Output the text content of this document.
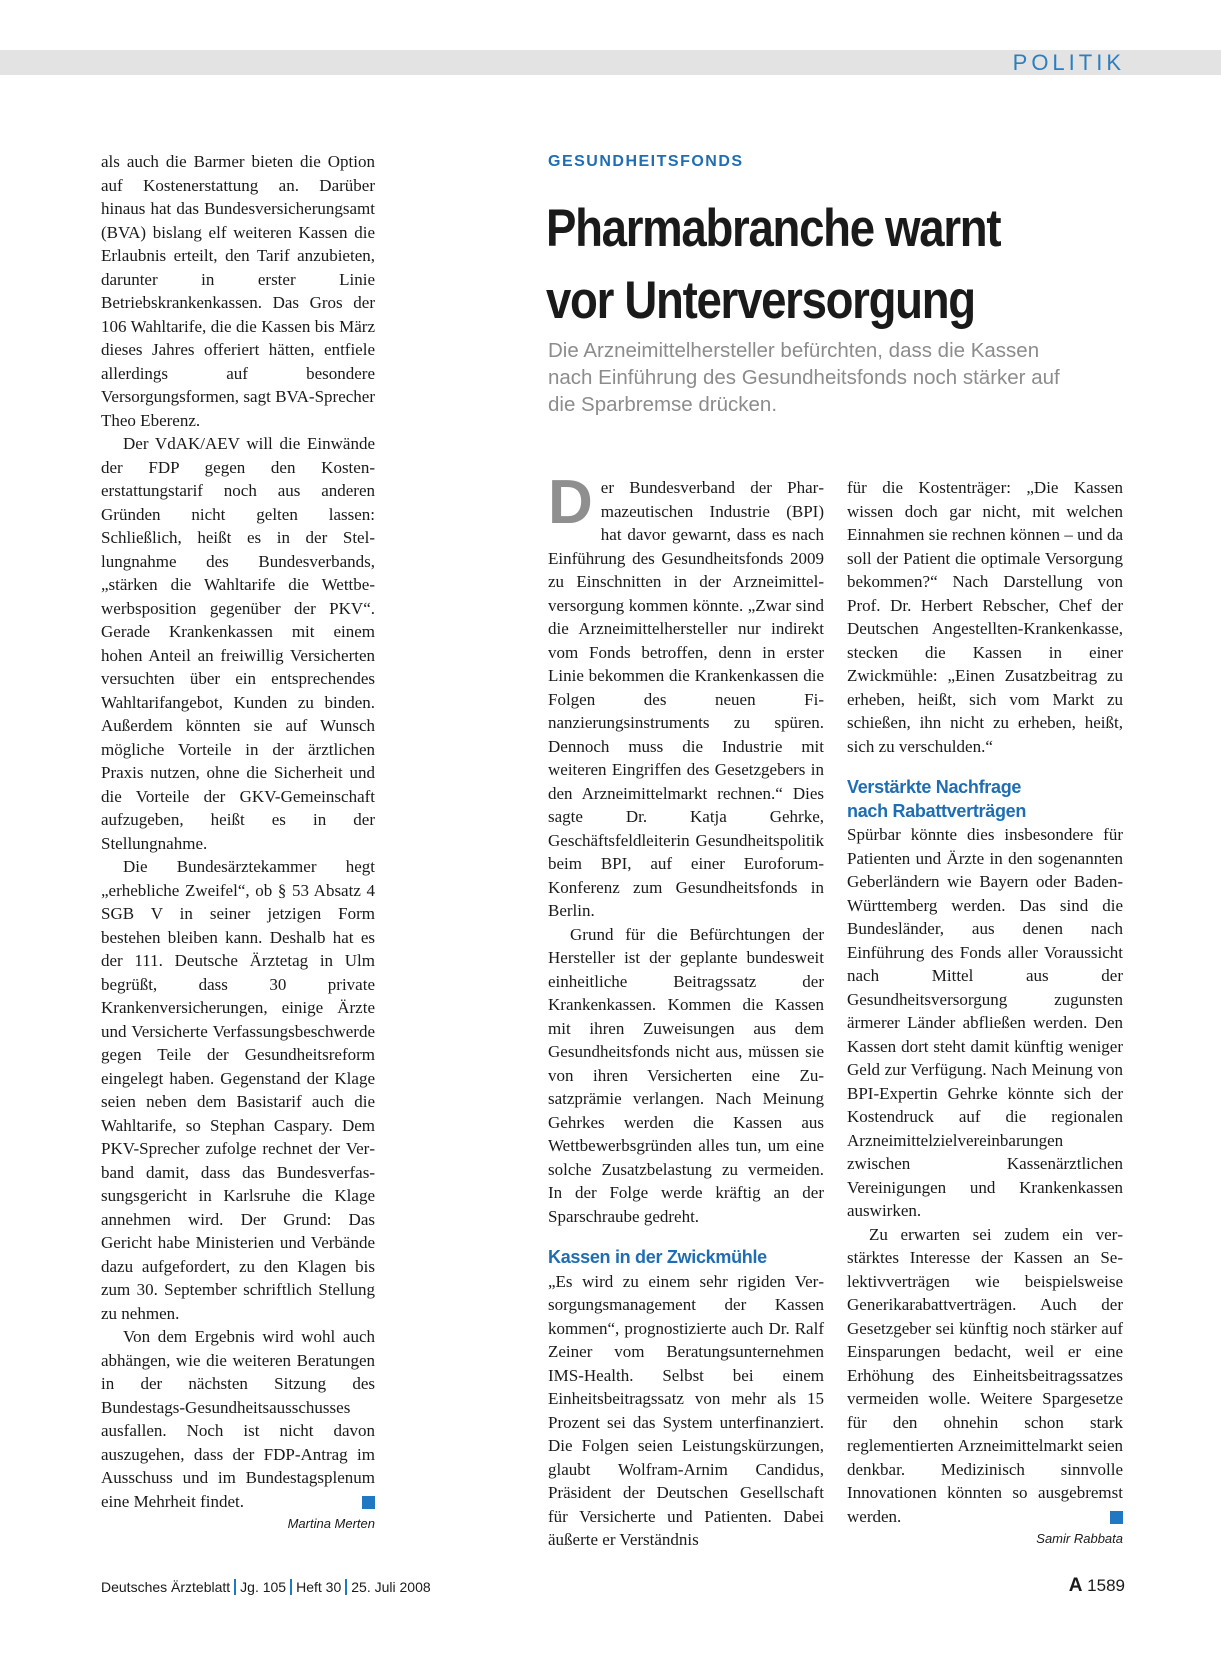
POLITIK

als auch die Barmer bieten die Option auf Kostenerstattung an. Darüber hinaus hat das Bundesversicherungsamt (BVA) bislang elf weiteren Kassen die Erlaubnis erteilt, den Tarif anzubieten, darunter in erster Linie Betriebskrankenkassen. Das Gros der 106 Wahltarife, die die Kassen bis März dieses Jahres offeriert hätten, entfiele allerdings auf besondere Versorgungsformen, sagt BVA-Sprecher Theo Eberenz.

Der VdAK/AEV will die Einwände der FDP gegen den Kostenerstattungstarif noch aus anderen Gründen nicht gelten lassen: Schließlich, heißt es in der Stellungnahme des Bundesverbands, „stärken die Wahltarife die Wettbewerbsposition gegenüber der PKV“. Gerade Krankenkassen mit einem hohen Anteil an freiwillig Versicherten versuchten über ein entsprechendes Wahltarifangebot, Kunden zu binden. Außerdem könnten sie auf Wunsch mögliche Vorteile in der ärztlichen Praxis nutzen, ohne die Sicherheit und die Vorteile der GKV-Gemeinschaft aufzugeben, heißt es in der Stellungnahme.

Die Bundesärztekammer hegt „erhebliche Zweifel“, ob § 53 Absatz 4 SGB V in seiner jetzigen Form bestehen bleiben kann. Deshalb hat es der 111. Deutsche Ärztetag in Ulm begrüßt, dass 30 private Krankenversicherungen, einige Ärzte und Versicherte Verfassungsbeschwerde gegen Teile der Gesundheitsreform eingelegt haben. Gegenstand der Klage seien neben dem Basistarif auch die Wahltarife, so Stephan Caspary. Dem PKV-Sprecher zufolge rechnet der Verband damit, dass das Bundesverfassungsgericht in Karlsruhe die Klage annehmen wird. Der Grund: Das Gericht habe Ministerien und Verbände dazu aufgefordert, zu den Klagen bis zum 30. September schriftlich Stellung zu nehmen.

Von dem Ergebnis wird wohl auch abhängen, wie die weiteren Beratungen in der nächsten Sitzung des Bundestags-Gesundheitsausschusses ausfallen. Noch ist nicht davon auszugehen, dass der FDP-Antrag im Ausschuss und im Bundestagsplenum eine Mehrheit findet.

Martina Merten
GESUNDHEITSFONDS
Pharmabranche warnt
vor Unterversorgung
Die Arzneimittelhersteller befürchten, dass die Kassen nach Einführung des Gesundheitsfonds noch stärker auf die Sparbremse drücken.

Der Bundesverband der Pharmazeutischen Industrie (BPI) hat davor gewarnt, dass es nach Einführung des Gesundheitsfonds 2009 zu Einschnitten in der Arzneimittelversorgung kommen könnte. „Zwar sind die Arzneimittelhersteller nur indirekt vom Fonds betroffen, denn in erster Linie bekommen die Krankenkassen die Folgen des neuen Finanzierungsinstruments zu spüren. Dennoch muss die Industrie mit weiteren Eingriffen des Gesetzgebers in den Arzneimittelmarkt rechnen.“ Dies sagte Dr. Katja Gehrke, Geschäftsfeldleiterin Gesundheitspolitik beim BPI, auf einer Euroforum-Konferenz zum Gesundheitsfonds in Berlin.

Grund für die Befürchtungen der Hersteller ist der geplante bundesweit einheitliche Beitragssatz der Krankenkassen. Kommen die Kassen mit ihren Zuweisungen aus dem Gesundheitsfonds nicht aus, müssen sie von ihren Versicherten eine Zusatzprämie verlangen. Nach Meinung Gehrkes werden die Kassen aus Wettbewerbsgründen alles tun, um eine solche Zusatzbelastung zu vermeiden. In der Folge werde kräftig an der Sparschraube gedreht.

Kassen in der Zwickmühle

„Es wird zu einem sehr rigiden Versorgungsmanagement der Kassen kommen“, prognostizierte auch Dr. Ralf Zeiner vom Beratungsunternehmen IMS-Health. Selbst bei einem Einheitsbeitragssatz von mehr als 15 Prozent sei das System unterfinanziert. Die Folgen seien Leistungskürzungen, glaubt Wolfram-Arnim Candidus, Präsident der Deutschen Gesellschaft für Versicherte und Patienten. Dabei äußerte er Verständnis

für die Kostenträger: „Die Kassen wissen doch gar nicht, mit welchen Einnahmen sie rechnen können – und da soll der Patient die optimale Versorgung bekommen?“ Nach Darstellung von Prof. Dr. Herbert Rebscher, Chef der Deutschen Angestellten-Krankenkasse, stecken die Kassen in einer Zwickmühle: „Einen Zusatzbeitrag zu erheben, heißt, sich vom Markt zu schießen, ihn nicht zu erheben, heißt, sich zu verschulden.“

Verstärkte Nachfrage
nach Rabattverträgen

Spürbar könnte dies insbesondere für Patienten und Ärzte in den sogenannten Geberländern wie Bayern oder Baden-Württemberg werden. Das sind die Bundesländer, aus denen nach Einführung des Fonds aller Voraussicht nach Mittel aus der Gesundheitsversorgung zugunsten ärmerer Länder abfließen werden. Den Kassen dort steht damit künftig weniger Geld zur Verfügung. Nach Meinung von BPI-Expertin Gehrke könnte sich der Kostendruck auf die regionalen Arzneimittelzielvereinbarungen zwischen Kassenärztlichen Vereinigungen und Krankenkassen auswirken.

Zu erwarten sei zudem ein verstärktes Interesse der Kassen an Selektivverträgen wie beispielsweise Generikarabattverträgen. Auch der Gesetzgeber sei künftig noch stärker auf Einsparungen bedacht, weil er eine Erhöhung des Einheitsbeitragssatzes vermeiden wolle. Weitere Spargesetze für den ohnehin schon stark reglementierten Arzneimittelmarkt seien denkbar. Medizinisch sinnvolle Innovationen könnten so ausgebremst werden.

Samir Rabbata
Deutsches Ärzteblatt Jg. 105 Heft 30 25. Juli 2008	A 1589
